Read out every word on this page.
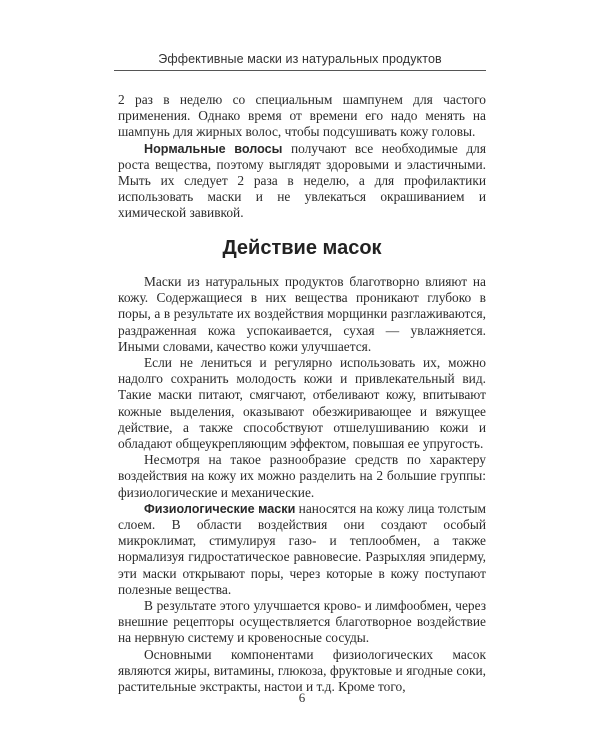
Эффективные маски из натуральных продуктов

2 раз в неделю со специальным шампунем для частого применения. Однако время от времени его надо менять на шампунь для жирных волос, чтобы подсушивать кожу головы.

Нормальные волосы получают все необходимые для роста вещества, поэтому выглядят здоровыми и эластичными. Мыть их следует 2 раза в неделю, а для профилактики использовать маски и не увлекаться окрашиванием и химической завивкой.

Действие масок

Маски из натуральных продуктов благотворно влияют на кожу. Содержащиеся в них вещества проникают глубоко в поры, а в результате их воздействия морщинки разглаживаются, раздраженная кожа успокаивается, сухая — увлажняется. Иными словами, качество кожи улучшается.

Если не лениться и регулярно использовать их, можно надолго сохранить молодость кожи и привлекательный вид. Такие маски питают, смягчают, отбеливают кожу, впитывают кожные выделения, оказывают обезжиривающее и вяжущее действие, а также способствуют отшелушиванию кожи и обладают общеукрепляющим эффектом, повышая ее упругость.

Несмотря на такое разнообразие средств по характеру воздействия на кожу их можно разделить на 2 большие группы: физиологические и механические.

Физиологические маски наносятся на кожу лица толстым слоем. В области воздействия они создают особый микроклимат, стимулируя газо- и теплообмен, а также нормализуя гидростатическое равновесие. Разрыхляя эпидерму, эти маски открывают поры, через которые в кожу поступают полезные вещества.

В результате этого улучшается крово- и лимфообмен, через внешние рецепторы осуществляется благотворное воздействие на нервную систему и кровеносные сосуды.

Основными компонентами физиологических масок являются жиры, витамины, глюкоза, фруктовые и ягодные соки, растительные экстракты, настои и т.д. Кроме того,

6
